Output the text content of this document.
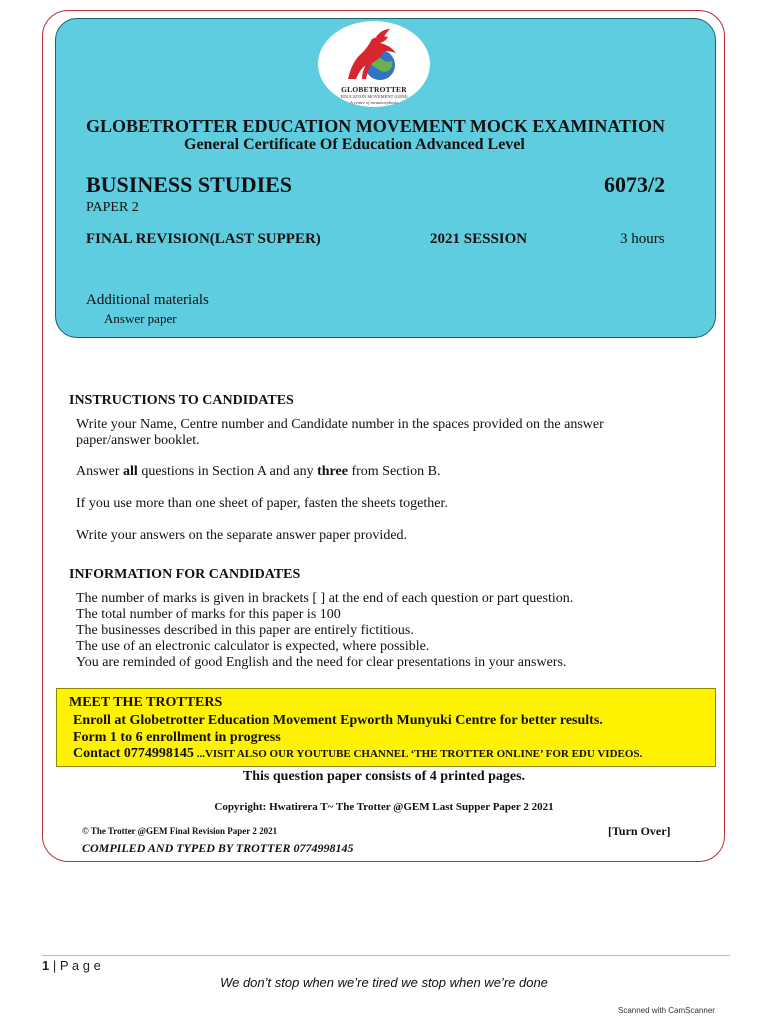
GLOBETROTTER
EDUCATION MOVEMENT (GEM)
A centre of metamorphosis
GLOBETROTTER EDUCATION MOVEMENT MOCK EXAMINATION
General Certificate Of Education Advanced Level
BUSINESS STUDIES	6073/2
PAPER 2
FINAL REVISION(LAST SUPPER)	2021 SESSION	3 hours
Additional materials
Answer paper
INSTRUCTIONS TO CANDIDATES
Write your Name, Centre number and Candidate number in the spaces provided on the answer
paper/answer booklet.
Answer all questions in Section A and any three from Section B.
If you use more than one sheet of paper, fasten the sheets together.
Write your answers on the separate answer paper provided.
INFORMATION FOR CANDIDATES
The number of marks is given in brackets [ ] at the end of each question or part question.
The total number of marks for this paper is 100
The businesses described in this paper are entirely fictitious.
The use of an electronic calculator is expected, where possible.
You are reminded of good English and the need for clear presentations in your answers.
MEET THE TROTTERS
Enroll at Globetrotter Education Movement Epworth Munyuki Centre for better results.
Form 1 to 6 enrollment in progress
Contact 0774998145 ...VISIT ALSO OUR YOUTUBE CHANNEL ‘THE TROTTER ONLINE’ FOR EDU VIDEOS.
This question paper consists of 4 printed pages.
Copyright: Hwatirera T~ The Trotter @GEM Last Supper Paper 2 2021
© The Trotter @GEM Final Revision Paper 2 2021	[Turn Over]
COMPILED AND TYPED BY TROTTER 0774998145
1 | P a g e
We don’t stop when we’re tired we stop when we’re done
Scanned with CamScanner
